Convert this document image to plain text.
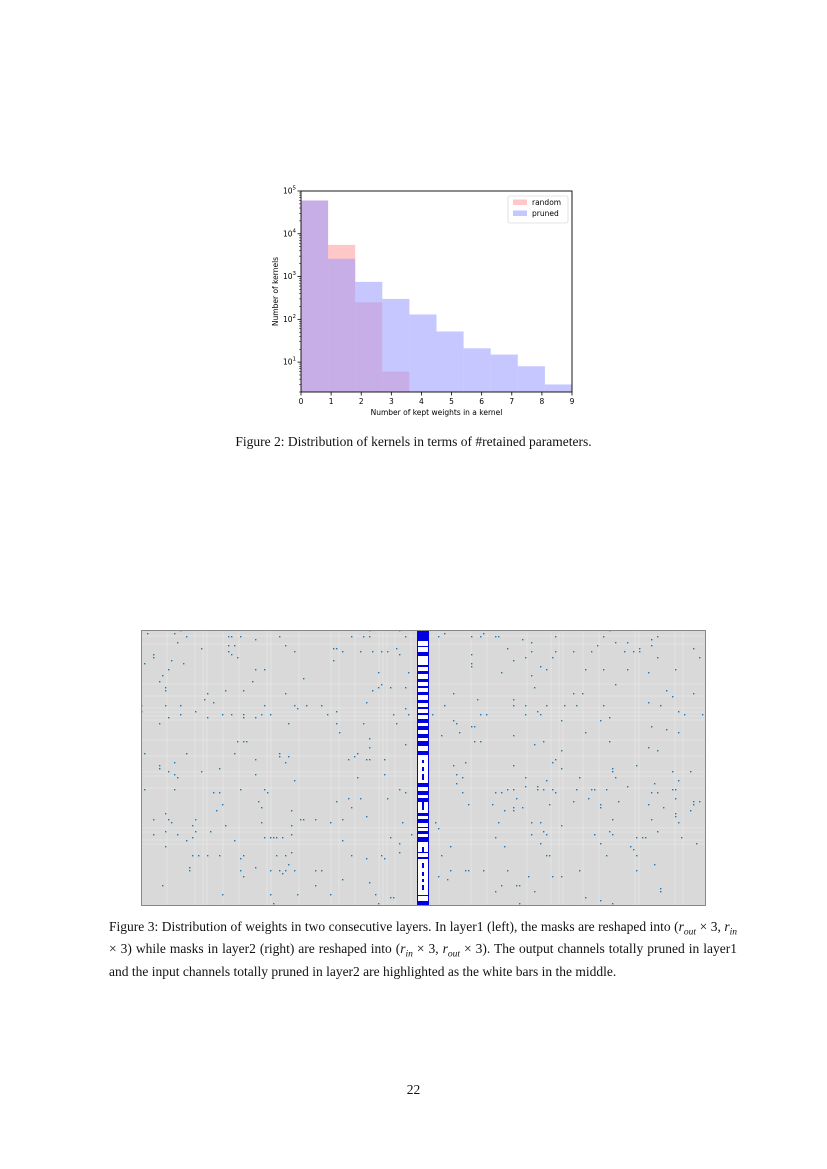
0	1	2	3	4	5	6	7	8	9
$10^1$
$10^2$
$10^3$
$10^4$
$10^5$
Number of kept weights in a kernel
Number of kernels
random
pruned
Figure 2: Distribution of kernels in terms of #retained parameters.
Figure 3: Distribution of weights in two consecutive layers. In layer1 (left), the masks are reshaped into ($r_{out} \times 3$, $r_{in} \times 3$) while masks in layer2 (right) are reshaped into ($r_{in} \times 3$, $r_{out} \times 3$). The output channels totally pruned in layer1 and the input channels totally pruned in layer2 are highlighted as the white bars in the middle.
22
